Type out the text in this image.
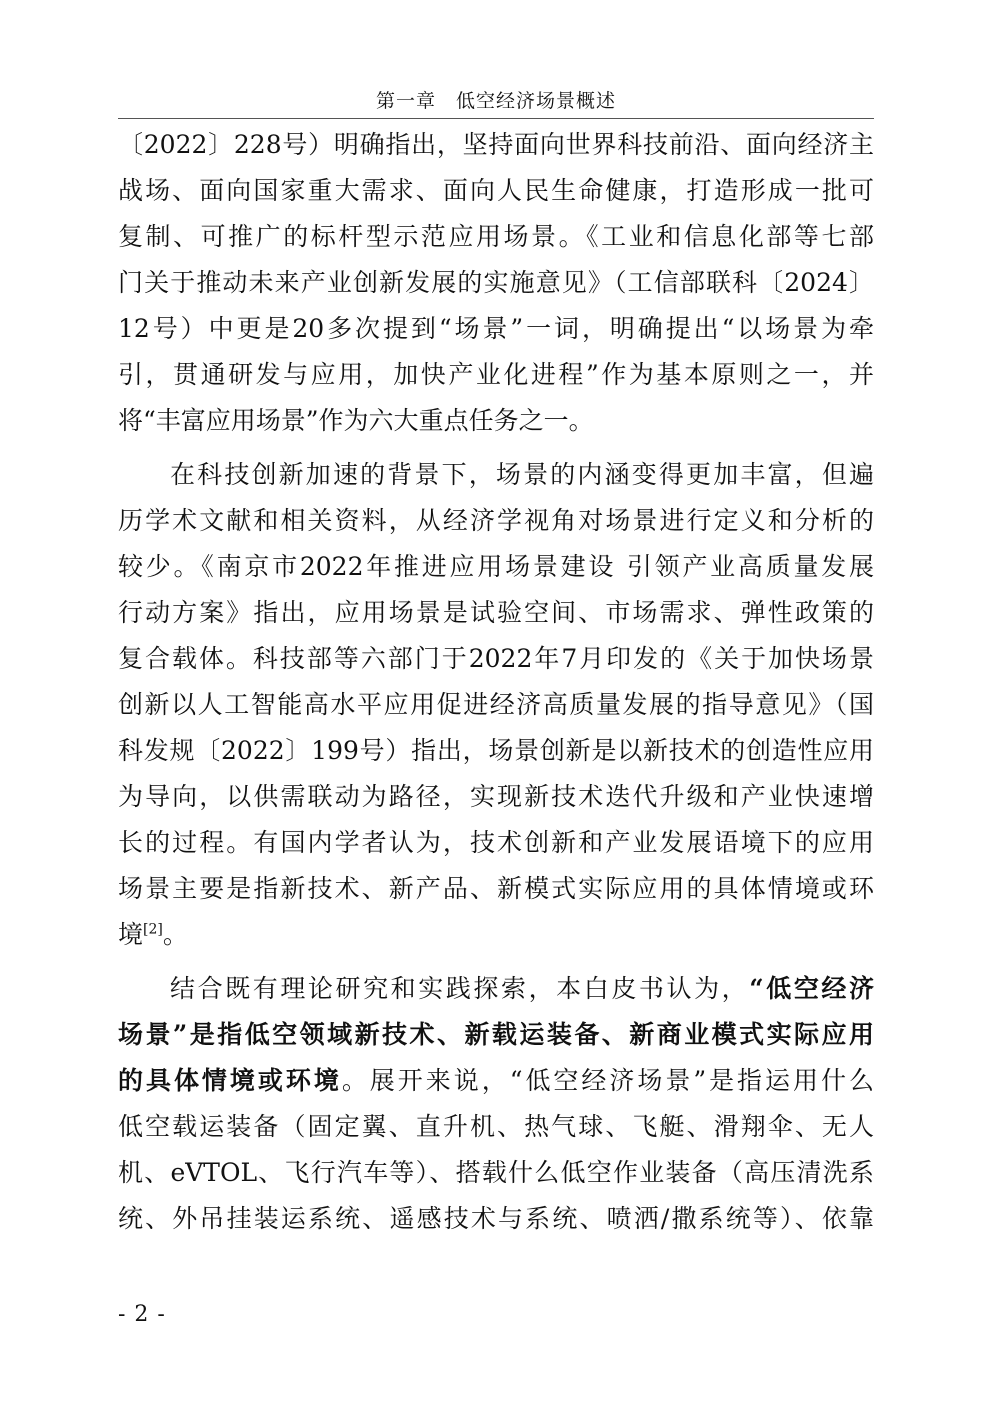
第一章　低空经济场景概述
〔2022〕228号）明确指出，坚持面向世界科技前沿、面向经济主
战场、面向国家重大需求、面向人民生命健康，打造形成一批可
复制、可推广的标杆型示范应用场景。《工业和信息化部等七部
门关于推动未来产业创新发展的实施意见》（工信部联科〔2024〕
12号）中更是20多次提到“场景”一词，明确提出“以场景为牵
引，贯通研发与应用，加快产业化进程”作为基本原则之一，并
将“丰富应用场景”作为六大重点任务之一。
在科技创新加速的背景下，场景的内涵变得更加丰富，但遍
历学术文献和相关资料，从经济学视角对场景进行定义和分析的
较少。《南京市2022年推进应用场景建设 引领产业高质量发展
行动方案》指出，应用场景是试验空间、市场需求、弹性政策的
复合载体。科技部等六部门于2022年7月印发的《关于加快场景
创新以人工智能高水平应用促进经济高质量发展的指导意见》（国
科发规〔2022〕199号）指出，场景创新是以新技术的创造性应用
为导向，以供需联动为路径，实现新技术迭代升级和产业快速增
长的过程。有国内学者认为，技术创新和产业发展语境下的应用
场景主要是指新技术、新产品、新模式实际应用的具体情境或环
境[2]。
结合既有理论研究和实践探索，本白皮书认为，“低空经济
场景”是指低空领域新技术、新载运装备、新商业模式实际应用
的具体情境或环境。展开来说，“低空经济场景”是指运用什么
低空载运装备（固定翼、直升机、热气球、飞艇、滑翔伞、无人
机、eVTOL、飞行汽车等）、搭载什么低空作业装备（高压清洗系
统、外吊挂装运系统、遥感技术与系统、喷洒/撒系统等）、依靠
- 2 -
